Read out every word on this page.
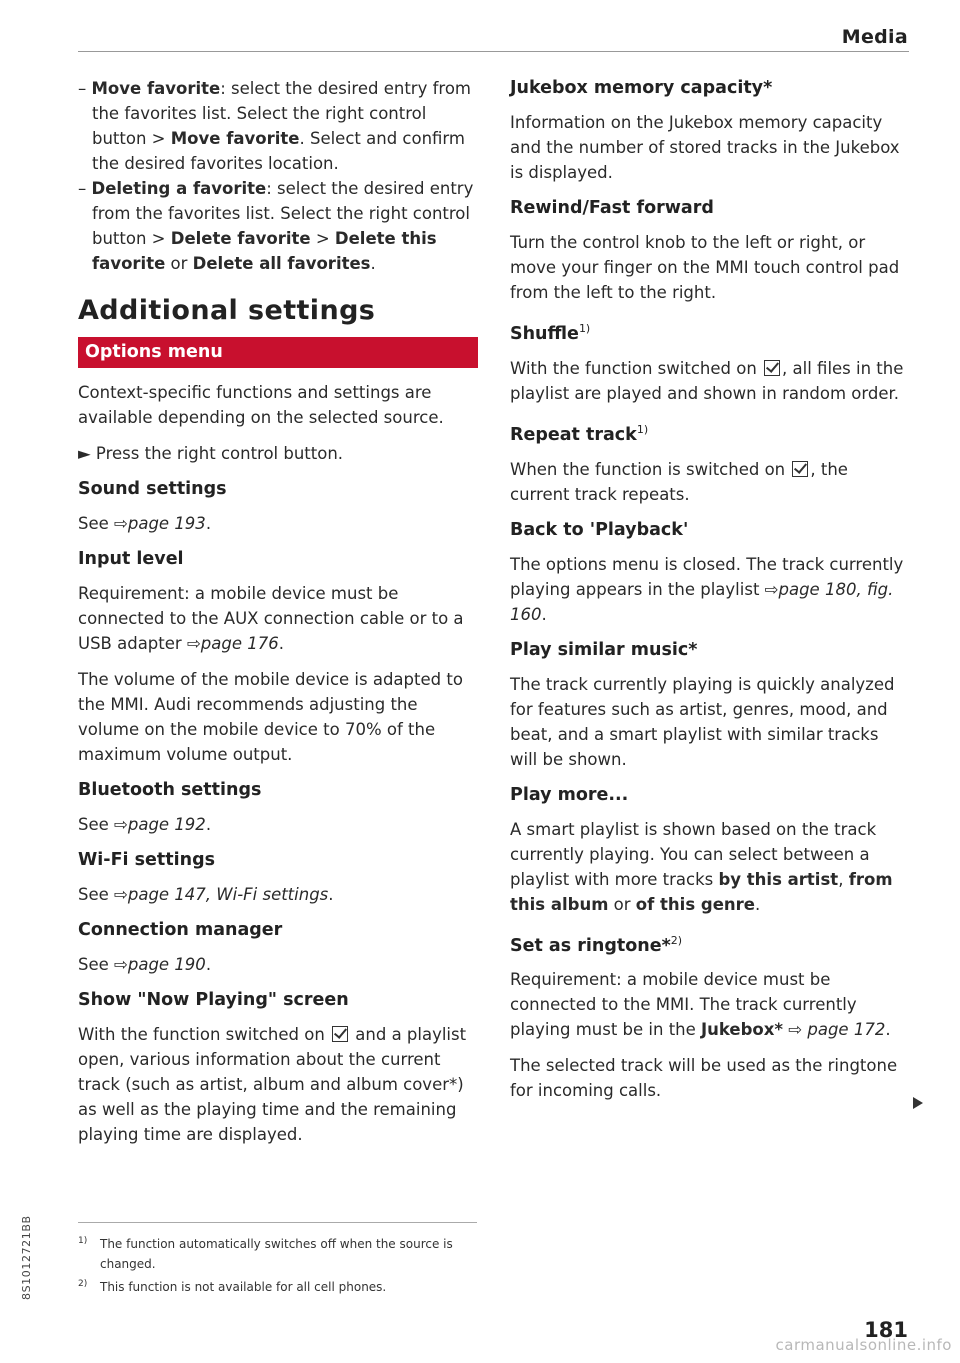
Media

– Move favorite: select the desired entry from the favorites list. Select the right control button > Move favorite. Select and confirm the desired favorites location.

– Deleting a favorite: select the desired entry from the favorites list. Select the right control button > Delete favorite > Delete this favorite or Delete all favorites.

Additional settings
Options menu

Context-specific functions and settings are available depending on the selected source.

► Press the right control button.

Sound settings

See ⇨page 193.

Input level

Requirement: a mobile device must be connected to the AUX connection cable or to a USB adapter ⇨page 176.

The volume of the mobile device is adapted to the MMI. Audi recommends adjusting the volume on the mobile device to 70% of the maximum volume output.

Bluetooth settings

See ⇨page 192.

Wi-Fi settings

See ⇨page 147, Wi-Fi settings.

Connection manager

See ⇨page 190.

Show "Now Playing" screen

With the function switched on  and a playlist open, various information about the current track (such as artist, album and album cover*) as well as the playing time and the remaining playing time are displayed.

Jukebox memory capacity*

Information on the Jukebox memory capacity and the number of stored tracks in the Jukebox is displayed.

Rewind/Fast forward

Turn the control knob to the left or right, or move your finger on the MMI touch control pad from the left to the right.

Shuffle$^{1)}$

With the function switched on , all files in the playlist are played and shown in random order.

Repeat track$^{1)}$

When the function is switched on , the current track repeats.

Back to 'Playback'

The options menu is closed. The track currently playing appears in the playlist ⇨page 180, fig. 160.

Play similar music*

The track currently playing is quickly analyzed for features such as artist, genres, mood, and beat, and a smart playlist with similar tracks will be shown.

Play more...

A smart playlist is shown based on the track currently playing. You can select between a playlist with more tracks by this artist, from this album or of this genre.

Set as ringtone*$^{2)}$

Requirement: a mobile device must be connected to the MMI. The track currently playing must be in the Jukebox* ⇨ page 172.

The selected track will be used as the ringtone for incoming calls.

1)	The function automatically switches off when the source is changed.
2)	This function is not available for all cell phones.
8S1012721BB
181
carmanualsonline.info
